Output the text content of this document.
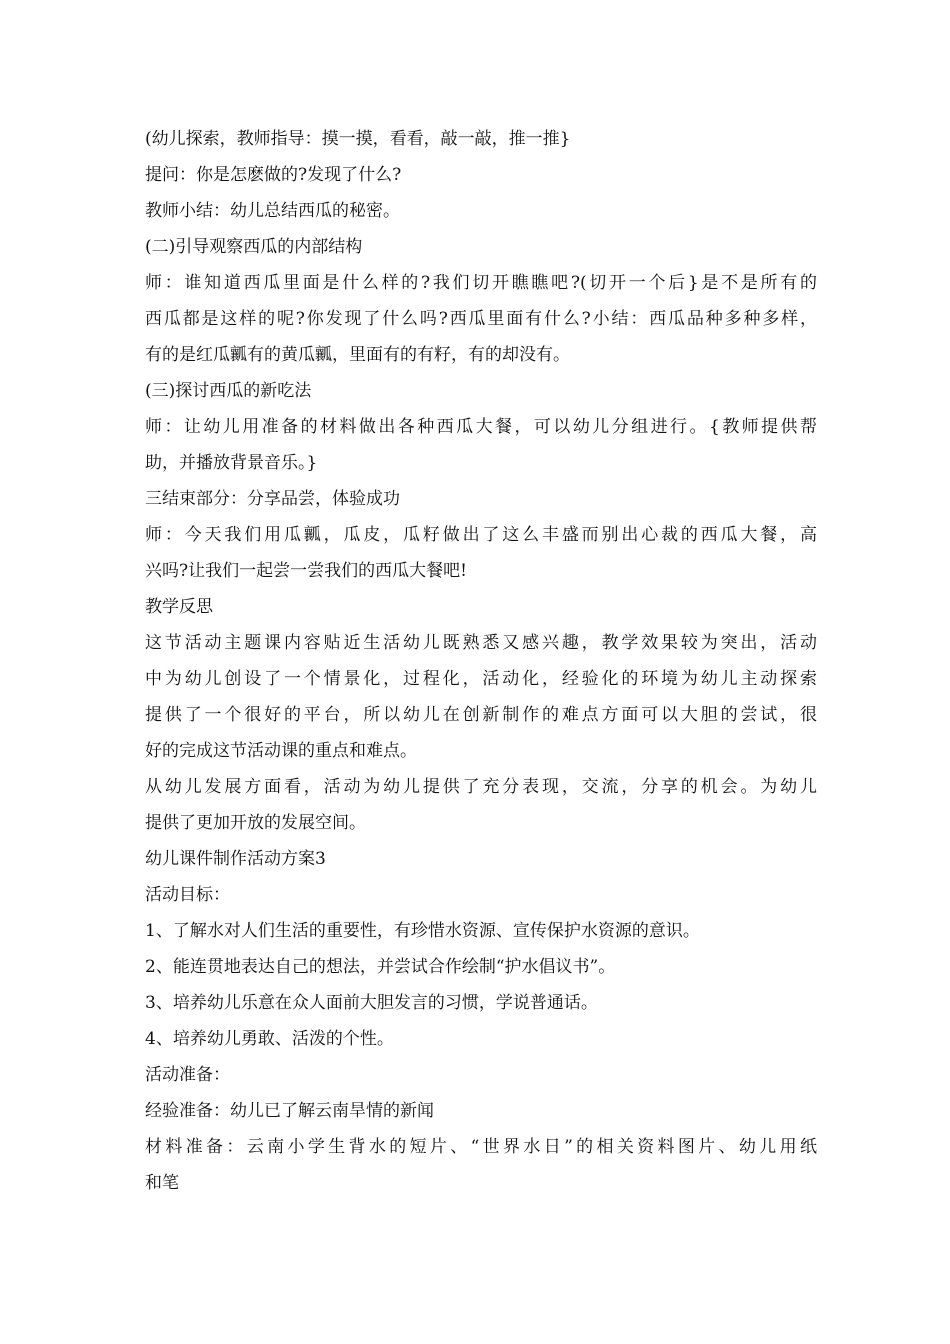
(幼儿探索，教师指导：摸一摸，看看，敲一敲，推一推}
提问：你是怎麽做的?发现了什么?
教师小结：幼儿总结西瓜的秘密。
(二)引导观察西瓜的内部结构
师：谁知道西瓜里面是什么样的?我们切开瞧瞧吧?(切开一个后}是不是所有的
西瓜都是这样的呢?你发现了什么吗?西瓜里面有什么?小结：西瓜品种多种多样，
有的是红瓜瓤有的黄瓜瓤，里面有的有籽，有的却没有。
(三)探讨西瓜的新吃法
师：让幼儿用准备的材料做出各种西瓜大餐，可以幼儿分组进行。{教师提供帮
助，并播放背景音乐。}
三结束部分：分享品尝，体验成功
师：今天我们用瓜瓤，瓜皮，瓜籽做出了这么丰盛而别出心裁的西瓜大餐，高
兴吗?让我们一起尝一尝我们的西瓜大餐吧!
教学反思
这节活动主题课内容贴近生活幼儿既熟悉又感兴趣，教学效果较为突出，活动
中为幼儿创设了一个情景化，过程化，活动化，经验化的环境为幼儿主动探索
提供了一个很好的平台，所以幼儿在创新制作的难点方面可以大胆的尝试，很
好的完成这节活动课的重点和难点。
从幼儿发展方面看，活动为幼儿提供了充分表现，交流，分享的机会。为幼儿
提供了更加开放的发展空间。
幼儿课件制作活动方案3
活动目标：
1、了解水对人们生活的重要性，有珍惜水资源、宣传保护水资源的意识。
2、能连贯地表达自己的想法，并尝试合作绘制“护水倡议书”。
3、培养幼儿乐意在众人面前大胆发言的习惯，学说普通话。
4、培养幼儿勇敢、活泼的个性。
活动准备：
经验准备：幼儿已了解云南旱情的新闻
材料准备：云南小学生背水的短片、“世界水日”的相关资料图片、幼儿用纸
和笔
